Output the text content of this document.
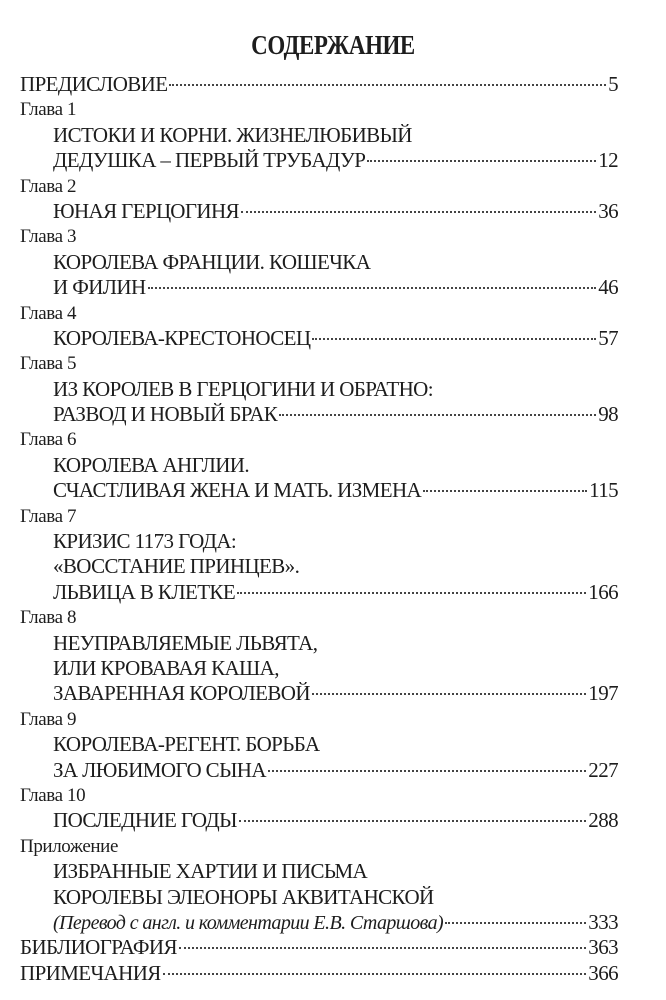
СОДЕРЖАНИЕ
ПРЕДИСЛОВИЕ	5
Глава 1
ИСТОКИ И КОРНИ. ЖИЗНЕЛЮБИВЫЙ
ДЕДУШКА – ПЕРВЫЙ ТРУБАДУР	12
Глава 2
ЮНАЯ ГЕРЦОГИНЯ	36
Глава 3
КОРОЛЕВА ФРАНЦИИ. КОШЕЧКА
И ФИЛИН	46
Глава 4
КОРОЛЕВА-КРЕСТОНОСЕЦ	57
Глава 5
ИЗ КОРОЛЕВ В ГЕРЦОГИНИ И ОБРАТНО:
РАЗВОД И НОВЫЙ БРАК	98
Глава 6
КОРОЛЕВА АНГЛИИ.
СЧАСТЛИВАЯ ЖЕНА И МАТЬ. ИЗМЕНА	115
Глава 7
КРИЗИС 1173 ГОДА:
«ВОССТАНИЕ ПРИНЦЕВ».
ЛЬВИЦА В КЛЕТКЕ	166
Глава 8
НЕУПРАВЛЯЕМЫЕ ЛЬВЯТА,
ИЛИ КРОВАВАЯ КАША,
ЗАВАРЕННАЯ КОРОЛЕВОЙ	197
Глава 9
КОРОЛЕВА-РЕГЕНТ. БОРЬБА
ЗА ЛЮБИМОГО СЫНА	227
Глава 10
ПОСЛЕДНИЕ ГОДЫ	288
Приложение
ИЗБРАННЫЕ ХАРТИИ И ПИСЬМА
КОРОЛЕВЫ ЭЛЕОНОРЫ АКВИТАНСКОЙ
(Перевод с англ. и комментарии Е.В. Старшова)	333
БИБЛИОГРАФИЯ	363
ПРИМЕЧАНИЯ	366
